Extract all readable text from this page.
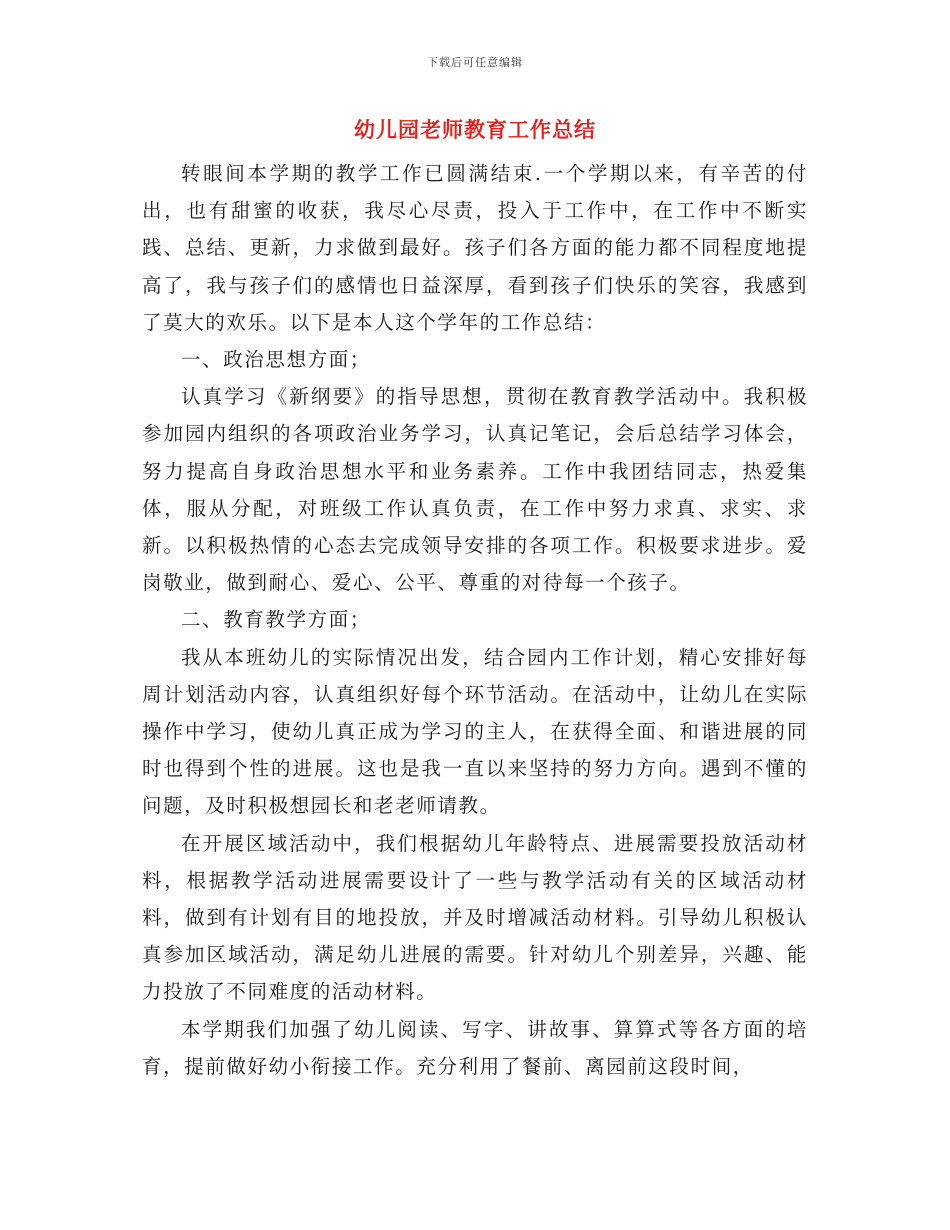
下载后可任意编辑
幼儿园老师教育工作总结

转眼间本学期的教学工作已圆满结束.一个学期以来，有辛苦的付出，也有甜蜜的收获，我尽心尽责，投入于工作中，在工作中不断实践、总结、更新，力求做到最好。孩子们各方面的能力都不同程度地提高了，我与孩子们的感情也日益深厚，看到孩子们快乐的笑容，我感到了莫大的欢乐。以下是本人这个学年的工作总结：

一、政治思想方面；

认真学习《新纲要》的指导思想，贯彻在教育教学活动中。我积极参加园内组织的各项政治业务学习，认真记笔记，会后总结学习体会，努力提高自身政治思想水平和业务素养。工作中我团结同志，热爱集体，服从分配，对班级工作认真负责，在工作中努力求真、求实、求新。以积极热情的心态去完成领导安排的各项工作。积极要求进步。爱岗敬业，做到耐心、爱心、公平、尊重的对待每一个孩子。

二、教育教学方面；

我从本班幼儿的实际情况出发，结合园内工作计划，精心安排好每周计划活动内容，认真组织好每个环节活动。在活动中，让幼儿在实际操作中学习，使幼儿真正成为学习的主人，在获得全面、和谐进展的同时也得到个性的进展。这也是我一直以来坚持的努力方向。遇到不懂的问题，及时积极想园长和老老师请教。

在开展区域活动中，我们根据幼儿年龄特点、进展需要投放活动材料，根据教学活动进展需要设计了一些与教学活动有关的区域活动材料，做到有计划有目的地投放，并及时增减活动材料。引导幼儿积极认真参加区域活动，满足幼儿进展的需要。针对幼儿个别差异，兴趣、能力投放了不同难度的活动材料。

本学期我们加强了幼儿阅读、写字、讲故事、算算式等各方面的培育，提前做好幼小衔接工作。充分利用了餐前、离园前这段时间，
